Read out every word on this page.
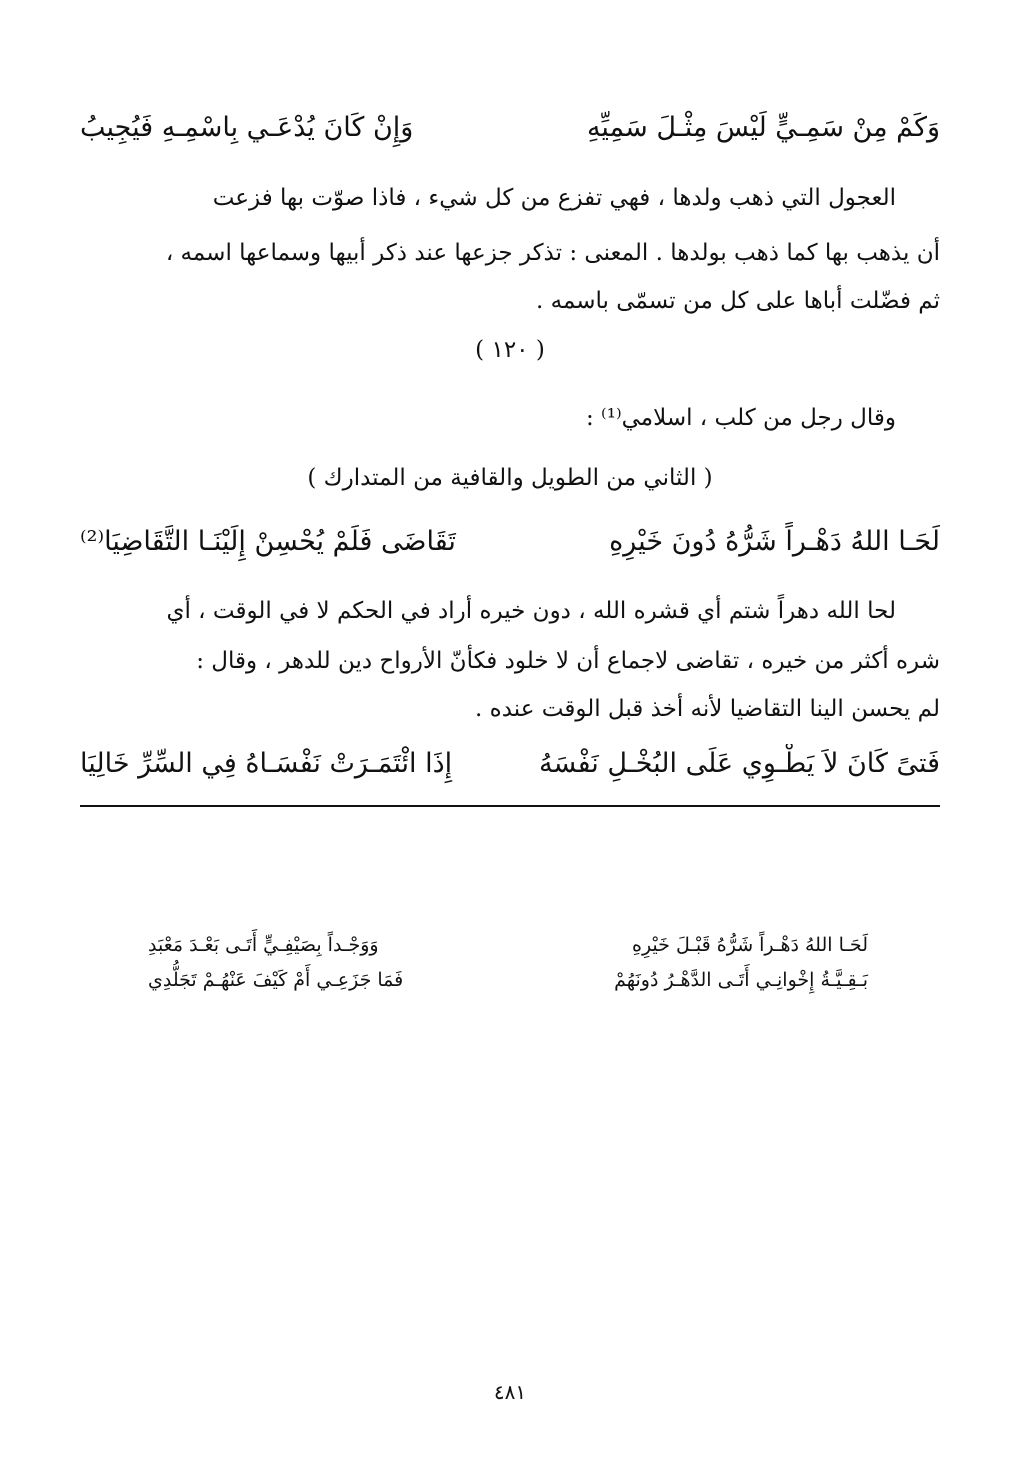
وَكَمْ مِنْ سَمِـيٍّ لَيْسَ مِثْـلَ سَمِيِّهِ
وَإِنْ كَانَ يُدْعَـي بِاسْمِـهِ فَيُجِيبُ
العجول التي ذهب ولدها ، فهي تفزع من كل شيء ، فاذا صوّت بها فزعت
أن يذهب بها كما ذهب بولدها . المعنى : تذكر جزعها عند ذكر أبيها وسماعها اسمه ،
ثم فضّلت أباها على كل من تسمّى باسمه .
( ١٢٠ )
وقال رجل من كلب ، اسلامي⁽¹⁾ :
( الثاني من الطويل والقافية من المتدارك )
لَحَـا اللهُ دَهْـراً شَرُّهُ دُونَ خَيْرِهِ
تَقَاضَى فَلَمْ يُحْسِنْ إِلَيْنَـا التَّقَاضِيَا⁽²⁾
لحا الله دهراً شتم أي قشره الله ، دون خيره أراد في الحكم لا في الوقت ، أي
شره أكثر من خيره ، تقاضى لاجماع أن لا خلود فكأنّ الأرواح دين للدهر ، وقال :
لم يحسن الينا التقاضيا لأنه أخذ قبل الوقت عنده .
فَتىً كَانَ لاَ يَطْـوِي عَلَى البُخْـلِ نَفْسَهُ
إِذَا ائْتَمَـرَتْ نَفْسَـاهُ فِي السِّرِّ خَالِيَا
لَحَـا اللهُ دَهْـراً شَرُّهُ قَبْـلَ خَيْرِهِ
وَوَجْـداً بِصَيْفِـيٍّ أَتَـى بَعْـدَ مَعْبَدِ
بَـقِـيَّـةُ إِخْوانِـي أَتَـى الدَّهْـرُ دُونَهُمْ
فَمَا جَزَعِـي أَمْ كَيْفَ عَنْهُـمْ تَجَلُّدِي
٤٨١
